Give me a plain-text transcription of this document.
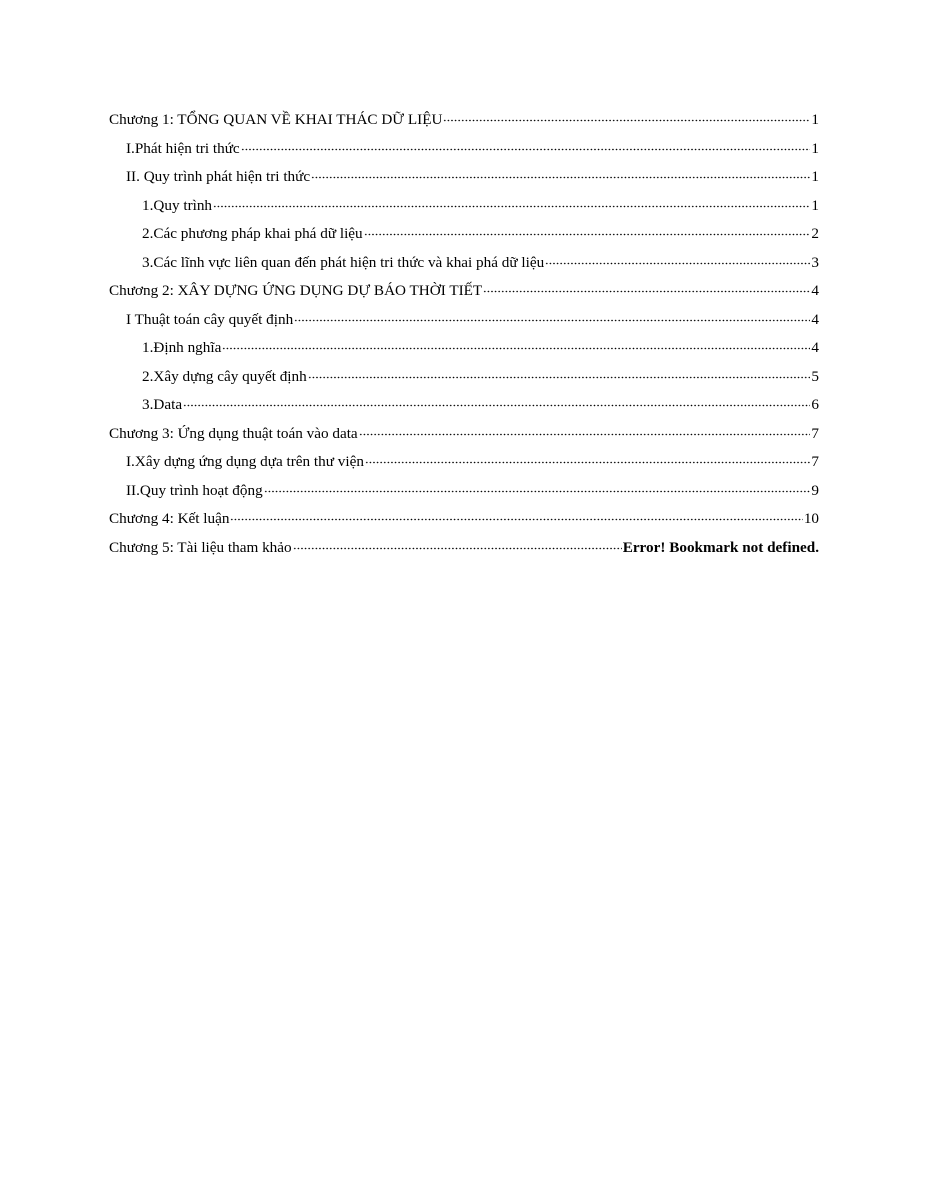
Chương 1: TỔNG QUAN VỀ KHAI THÁC DỮ LIỆU	1
I.Phát hiện tri thức	1
II. Quy trình phát hiện tri thức	1
1.Quy trình	1
2.Các phương pháp khai phá dữ liệu	2
3.Các lĩnh vực liên quan đến phát hiện tri thức và khai phá dữ liệu	3
Chương 2: XÂY DỰNG ỨNG DỤNG DỰ BÁO THỜI TIẾT	4
I Thuật toán cây quyết định	4
1.Định nghĩa	4
2.Xây dựng cây quyết định	5
3.Data	6
Chương 3: Ứng dụng thuật toán vào data	7
I.Xây dựng ứng dụng dựa trên thư viện	7
II.Quy trình hoạt động	9
Chương 4: Kết luận	10
Chương 5: Tài liệu tham khảo	Error! Bookmark not defined.
